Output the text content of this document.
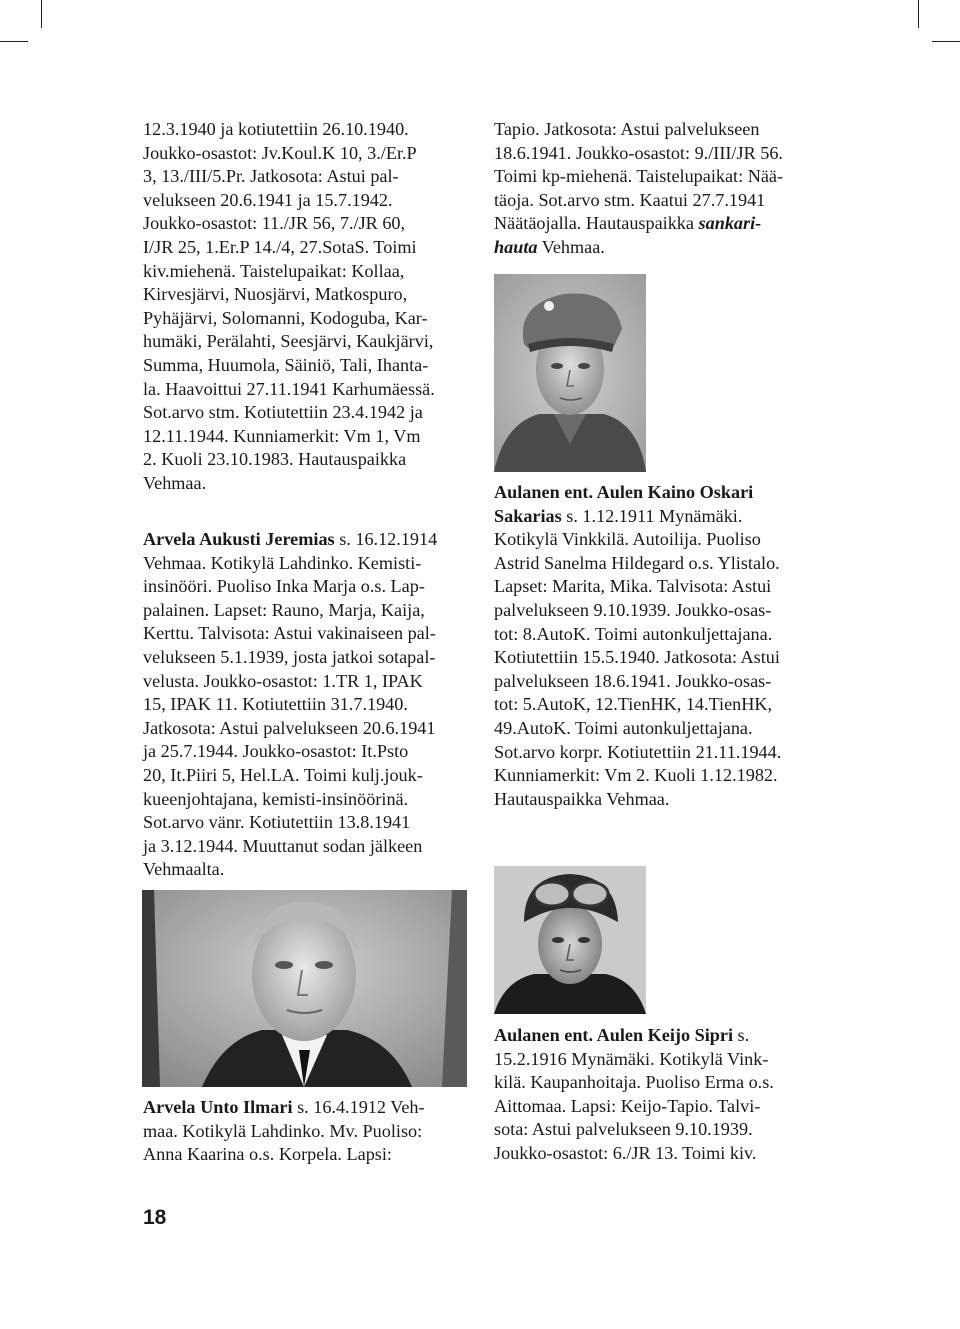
12.3.1940 ja kotiutettiin 26.10.1940.

Joukko-osastot: Jv.Koul.K 10, 3./Er.P

3, 13./III/5.Pr. Jatkosota: Astui pal-

velukseen 20.6.1941 ja 15.7.1942.

Joukko-osastot: 11./JR 56, 7./JR 60,

I/JR 25, 1.Er.P 14./4, 27.SotaS. Toimi

kiv.miehenä. Taistelupaikat: Kollaa,

Kirvesjärvi, Nuosjärvi, Matkospuro,

Pyhäjärvi, Solomanni, Kodoguba, Kar-

humäki, Perälahti, Seesjärvi, Kaukjärvi,

Summa, Huumola, Säiniö, Tali, Ihanta-

la. Haavoittui 27.11.1941 Karhumäessä.

Sot.arvo stm. Kotiutettiin 23.4.1942 ja

12.11.1944. Kunniamerkit: Vm 1, Vm

2. Kuoli 23.10.1983. Hautauspaikka

Vehmaa.

Arvela Aukusti Jeremias s. 16.12.1914

Vehmaa. Kotikylä Lahdinko. Kemisti-

insinööri. Puoliso Inka Marja o.s. Lap-

palainen. Lapset: Rauno, Marja, Kaija,

Kerttu. Talvisota: Astui vakinaiseen pal-

velukseen 5.1.1939, josta jatkoi sotapal-

velusta. Joukko-osastot: 1.TR 1, IPAK

15, IPAK 11. Kotiutettiin 31.7.1940.

Jatkosota: Astui palvelukseen 20.6.1941

ja 25.7.1944. Joukko-osastot: It.Psto

20, It.Piiri 5, Hel.LA. Toimi kulj.jouk-

kueenjohtajana, kemisti-insinöörinä.

Sot.arvo vänr. Kotiutettiin 13.8.1941

ja 3.12.1944. Muuttanut sodan jälkeen

Vehmaalta.

Arvela Unto Ilmari s. 16.4.1912 Veh-

maa. Kotikylä Lahdinko. Mv. Puoliso:

Anna Kaarina o.s. Korpela. Lapsi:

Tapio. Jatkosota: Astui palvelukseen

18.6.1941. Joukko-osastot: 9./III/JR 56.

Toimi kp-miehenä. Taistelupaikat: Nää-

täoja. Sot.arvo stm. Kaatui 27.7.1941

Näätäojalla. Hautauspaikka sankari-

hauta Vehmaa.

Aulanen ent. Aulen Kaino Oskari

Sakarias s. 1.12.1911 Mynämäki.

Kotikylä Vinkkilä. Autoilija. Puoliso

Astrid Sanelma Hildegard o.s. Ylistalo.

Lapset: Marita, Mika. Talvisota: Astui

palvelukseen 9.10.1939. Joukko-osas-

tot: 8.AutoK. Toimi autonkuljettajana.

Kotiutettiin 15.5.1940. Jatkosota: Astui

palvelukseen 18.6.1941. Joukko-osas-

tot: 5.AutoK, 12.TienHK, 14.TienHK,

49.AutoK. Toimi autonkuljettajana.

Sot.arvo korpr. Kotiutettiin 21.11.1944.

Kunniamerkit: Vm 2. Kuoli 1.12.1982.

Hautauspaikka Vehmaa.

Aulanen ent. Aulen Keijo Sipri s.

15.2.1916 Mynämäki. Kotikylä Vink-

kilä. Kaupanhoitaja. Puoliso Erma o.s.

Aittomaa. Lapsi: Keijo-Tapio. Talvi-

sota: Astui palvelukseen 9.10.1939.

Joukko-osastot: 6./JR 13. Toimi kiv.

18
